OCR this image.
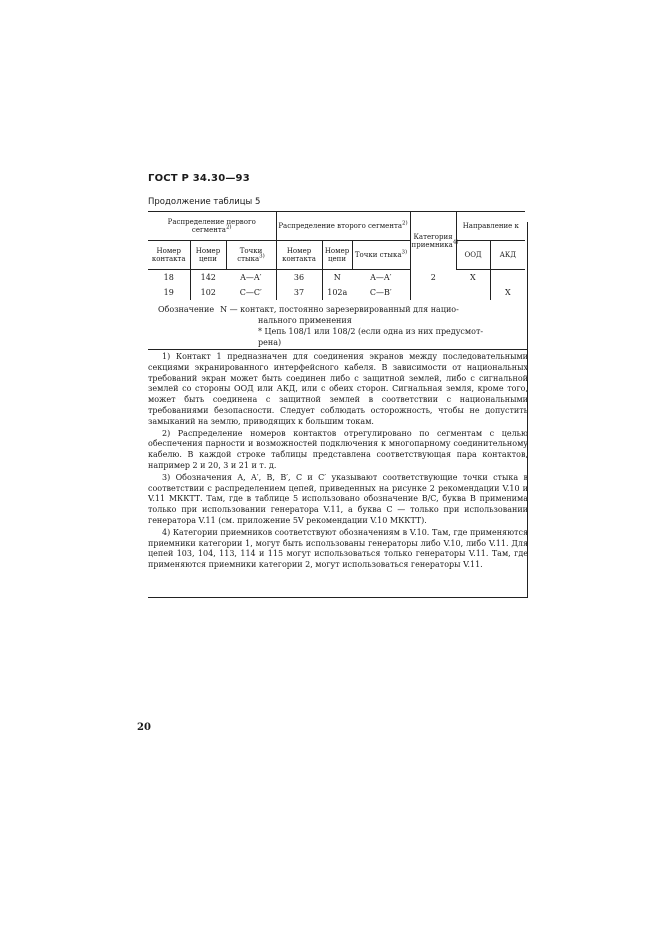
ГОСТ Р 34.30—93
Продолжение таблицы 5
Распределение первого сегмента$^{2)}$			Распределение второго сегмента$^{2)}$			Категория приемника$^{4)}$	Направление к	
Номер контакта	Номер цепи	Точки стыка$^{3)}$	Номер контакта	Номер цепи	Точки стыка$^{3)}$		ООД	АКД
18	142	A—A′	36	N	A—A′	2	X	
19	102	C—C′	37	102a	C—B′			X
Обозначение N — контакт, постоянно зарезервированный для нацио-
нального применения
* Цепь 108/1 или 108/2 (если одна из них предусмот-
рена)

1) Контакт 1 предназначен для соединения экранов между последовательными секциями экранированного интерфейсного кабеля. В зависимости от национальных требований экран может быть соединен либо с защитной землей, либо с сигнальной землей со стороны ООД или АКД, или с обеих сторон. Сигнальная земля, кроме того, может быть соединена с защитной землей в соответствии с национальными требованиями безопасности. Следует соблюдать осторожность, чтобы не допустить замыканий на землю, приводящих к большим токам.

2) Распределение номеров контактов отрегулировано по сегментам с целью обеспечения парности и возможностей подключения к многопарному соединительному кабелю. В каждой строке таблицы представлена соответствующая пара контактов, например 2 и 20, 3 и 21 и т. д.

3) Обозначения A, A′, B, B′, C и C′ указывают соответствующие точки стыка в соответствии с распределением цепей, приведенных на рисунке 2 рекомендации V.10 и V.11 МККТТ. Там, где в таблице 5 использовано обозначение B/C, буква B применима только при использовании генератора V.11, а буква C — только при использовании генератора V.11 (см. приложение 5V рекомендации V.10 МККТТ).

4) Категории приемников соответствуют обозначениям в V.10. Там, где применяются приемники категории 1, могут быть использованы генераторы либо V.10, либо V.11. Для цепей 103, 104, 113, 114 и 115 могут использоваться только генераторы V.11. Там, где применяются приемники категории 2, могут использоваться генераторы V.11.

20
